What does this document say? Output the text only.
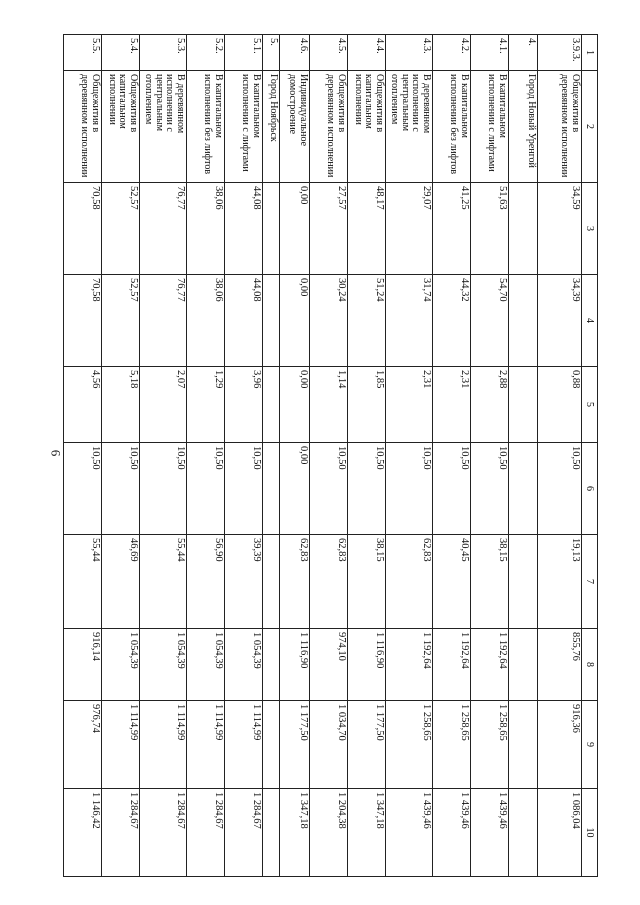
6
1	2	3	4	5	6	7	8	9	10
3.9.3.	Общежития в деревянном исполнении	34,59	34,39	0,88	10,50	19,13	855,76	916,36	1 086,04
4.	Город Новый Уренгой								
4.1.	В капитальном исполнении с лифтами	51,63	54,70	2,88	10,50	38,15	1 192,64	1 258,65	1 439,46
4.2.	В капитальном исполнении без лифтов	41,25	44,32	2,31	10,50	40,45	1 192,64	1 258,65	1 439,46
4.3.	В деревянном исполнении с центральным отоплением	29,07	31,74	2,31	10,50	62,83	1 192,64	1 258,65	1 439,46
4.4.	Общежития в капитальном исполнении	48,17	51,24	1,85	10,50	38,15	1 116,90	1 177,50	1 347,18
4.5.	Общежития в деревянном исполнении	27,57	30,24	1,14	10,50	62,83	974,10	1 034,70	1 204,38
4.6.	Индивидуальное домостроение	0,00	0,00	0,00	0,00	62,83	1 116,90	1 177,50	1 347,18
5.	Город Ноябрьск								
5.1.	В капитальном исполнении с лифтами	44,08	44,08	3,96	10,50	39,39	1 054,39	1 114,99	1 284,67
5.2.	В капитальном исполнении без лифтов	38,06	38,06	1,29	10,50	56,90	1 054,39	1 114,99	1 284,67
5.3.	В деревянном исполнении с центральным отоплением	76,77	76,77	2,07	10,50	55,44	1 054,39	1 114,99	1 284,67
5.4.	Общежития в капитальном исполнении	52,57	52,57	5,18	10,50	46,69	1 054,39	1 114,99	1 284,67
5.5.	Общежития в деревянном исполнении	70,58	70,58	4,56	10,50	55,44	916,14	976,74	1 146,42
